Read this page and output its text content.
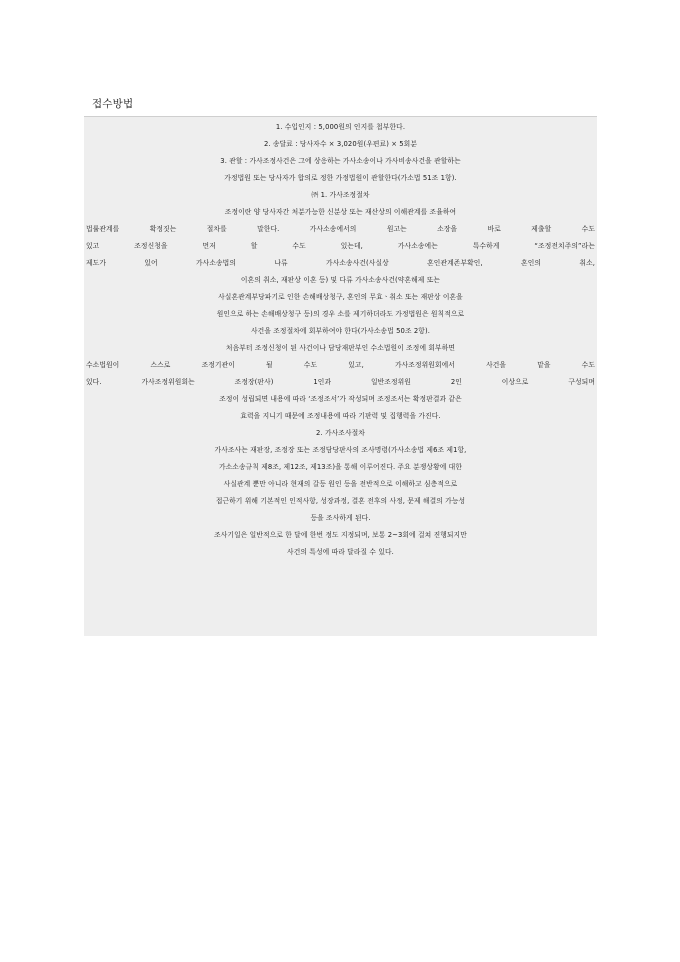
접수방법
1. 수입인지 : 5,000원의 인지를 첩부한다.
2. 송달료 : 당사자수 × 3,020원(우편료) × 5회분
3. 관할 : 가사조정사건은 그에 상응하는 가사소송이나 가사비송사건을 관할하는
가정법원 또는 당사자가 합의로 정한 가정법원이 관할한다(가소법 51조 1항).
㈜ 1. 가사조정절차
조정이란 양 당사자간 처분가능한 신분상 또는 재산상의 이해관계를 조율하여
법률관계를 확정짓는 절차를 말한다. 가사소송에서의 원고는 소장을 바로 제출할 수도
있고 조정신청을 먼저 할 수도 있는데, 가사소송에는 특수하게 “조정전치주의”라는
제도가 있어 가사소송법의 나류 가사소송사건(사실상 혼인관계존부확인, 혼인의 취소,
이혼의 취소, 재판상 이혼 등) 및 다류 가사소송사건(약혼해제 또는
사실혼관계부당파기로 인한 손해배상청구, 혼인의 무효ㆍ취소 또는 재판상 이혼을
원인으로 하는 손해배상청구 등)의 경우 소를 제기하더라도 가정법원은 원칙적으로
사건을 조정절차에 회부하여야 한다(가사소송법 50조 2항).
처음부터 조정신청이 된 사건이나 담당재판부인 수소법원이 조정에 회부하면
수소법원이 스스로 조정기관이 될 수도 있고, 가사조정위원회에서 사건을 맡을 수도
있다. 가사조정위원회는 조정장(판사) 1인과 일반조정위원 2인 이상으로 구성되며
조정이 성립되면 내용에 따라 ‘조정조서’가 작성되며 조정조서는 확정판결과 같은
효력을 지니기 때문에 조정내용에 따라 기판력 및 집행력을 가진다.
2. 가사조사절차
가사조사는 재판장, 조정장 또는 조정담당판사의 조사명령(가사소송법 제6조 제1항,
가소소송규칙 제8조, 제12조, 제13조)을 통해 이루어진다. 주요 분쟁상황에 대한
사실관계 뿐만 아니라 현재의 갈등 원인 등을 전반적으로 이해하고 심층적으로
접근하기 위해 기본적인 인적사항, 성장과정, 결혼 전후의 사정, 문제 해결의 가능성
등을 조사하게 된다.
조사기일은 일반적으로 한 달에 한번 정도 지정되며, 보통 2~3회에 걸쳐 진행되지만
사건의 특성에 따라 달라질 수 있다.
